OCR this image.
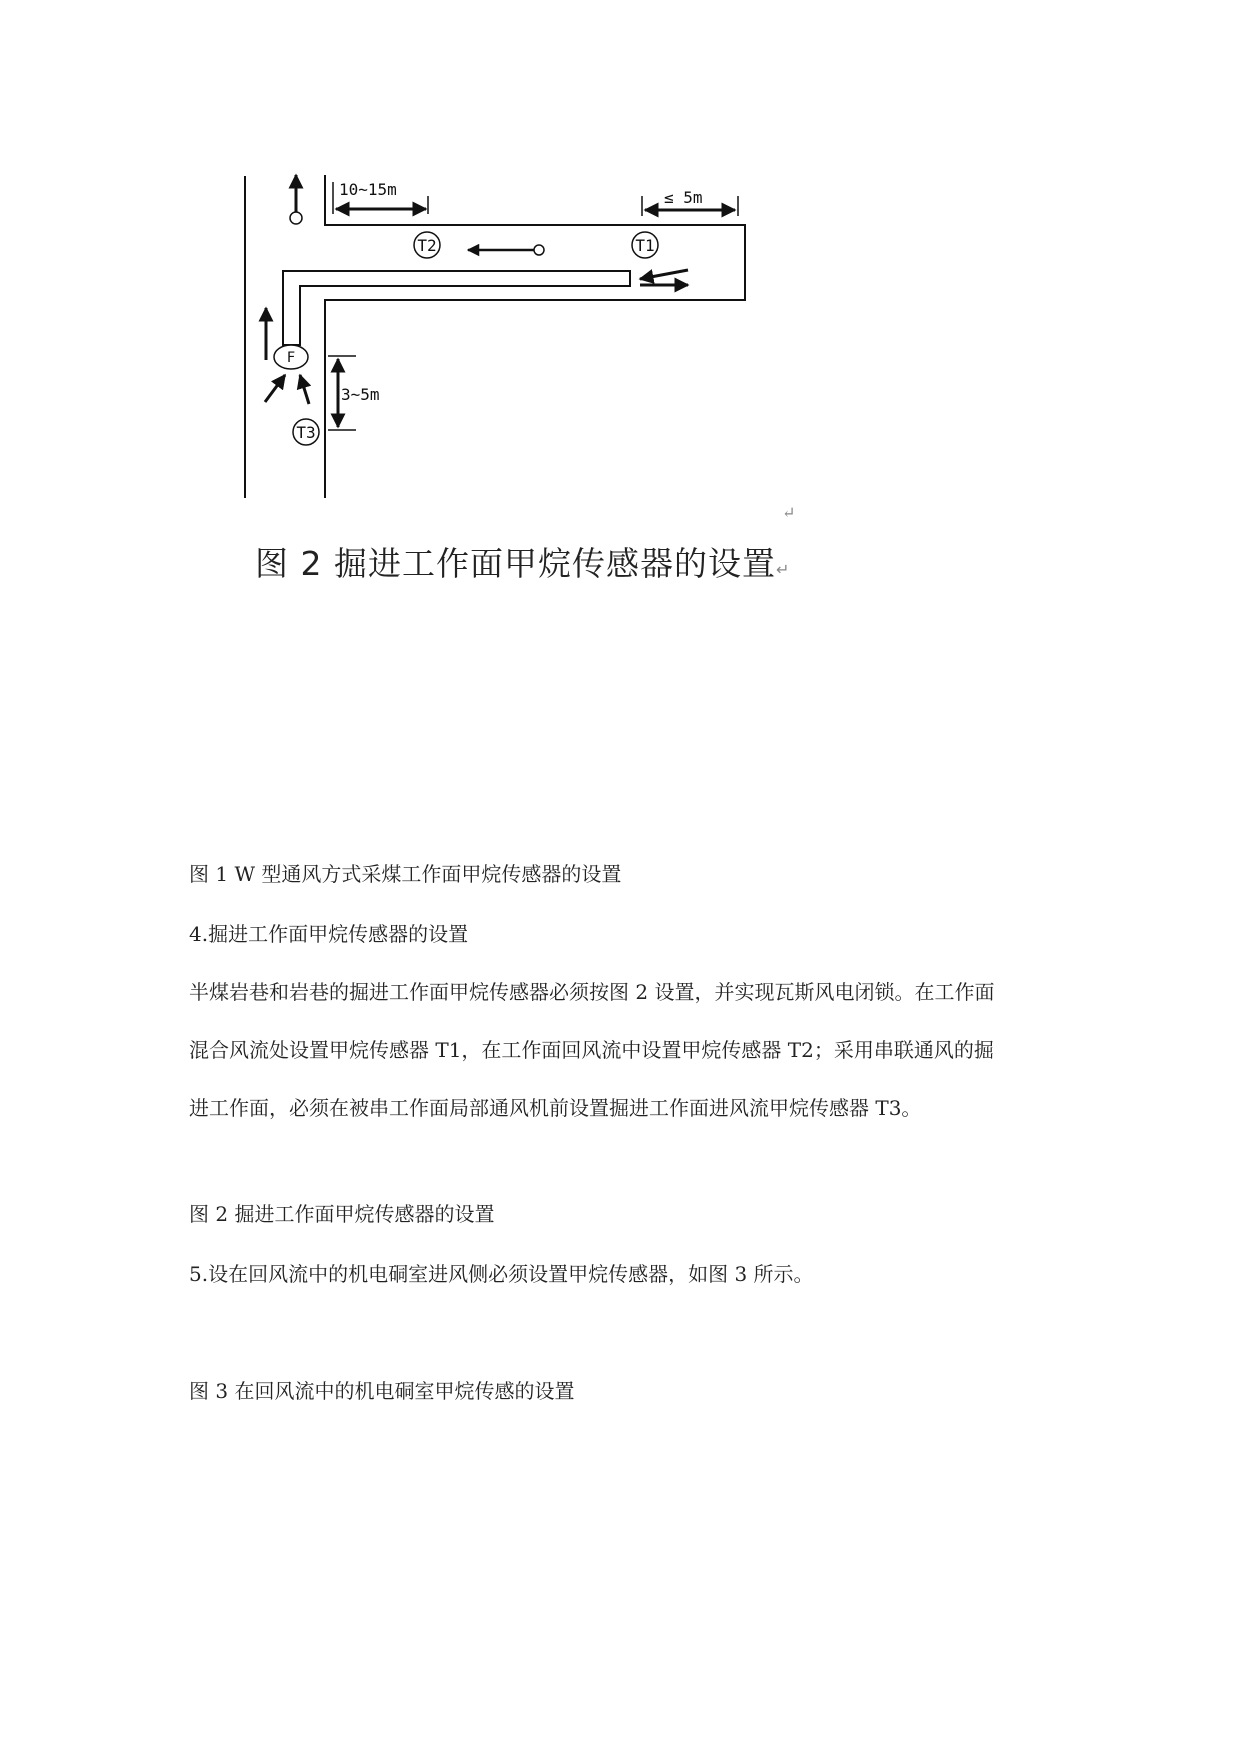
10~15m	≤ 5m
3~5m
T2	T1
T3
F
↵
图 2 掘进工作面甲烷传感器的设置↵
图 1 W 型通风方式采煤工作面甲烷传感器的设置
4.掘进工作面甲烷传感器的设置
半煤岩巷和岩巷的掘进工作面甲烷传感器必须按图 2 设置，并实现瓦斯风电闭锁。在工作面
混合风流处设置甲烷传感器 T1，在工作面回风流中设置甲烷传感器 T2；采用串联通风的掘
进工作面，必须在被串工作面局部通风机前设置掘进工作面进风流甲烷传感器 T3。
图 2 掘进工作面甲烷传感器的设置
5.设在回风流中的机电硐室进风侧必须设置甲烷传感器，如图 3 所示。
图 3 在回风流中的机电硐室甲烷传感的设置
